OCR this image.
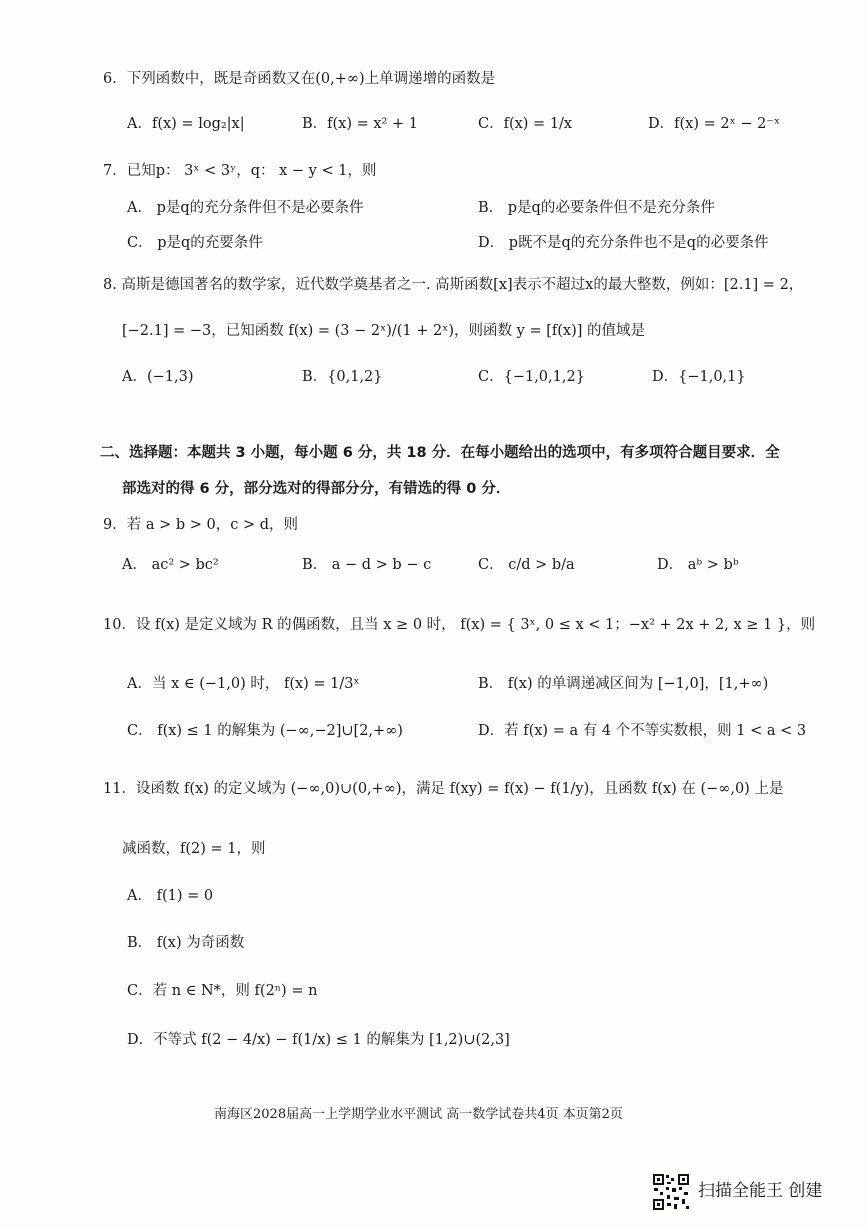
6．下列函数中，既是奇函数又在(0,+∞)上单调递增的函数是
A．f(x) = log₂|x|	B．f(x) = x² + 1	C．f(x) = 1/x	D．f(x) = 2ˣ − 2⁻ˣ
7．已知p： 3ˣ < 3ʸ，q： x − y < 1，则
A． p是q的充分条件但不是必要条件	B． p是q的必要条件但不是充分条件
C． p是q的充要条件	D． p既不是q的充分条件也不是q的必要条件
8. 高斯是德国著名的数学家，近代数学奠基者之一. 高斯函数[x]表示不超过x的最大整数，例如：[2.1] = 2，
[−2.1] = −3，已知函数 f(x) = (3 − 2ˣ)/(1 + 2ˣ)，则函数 y = [f(x)] 的值域是
A．(−1,3)	B．{0,1,2}	C．{−1,0,1,2}	D．{−1,0,1}
二、选择题：本题共 3 小题，每小题 6 分，共 18 分．在每小题给出的选项中，有多项符合题目要求．全
部选对的得 6 分，部分选对的得部分分，有错选的得 0 分．
9．若 a > b > 0，c > d，则
A． ac² > bc²	B． a − d > b − c	C． c/d > b/a	D． aᵇ > bᵇ
10．设 f(x) 是定义域为 R 的偶函数，且当 x ≥ 0 时， f(x) = { 3ˣ, 0 ≤ x < 1；−x² + 2x + 2, x ≥ 1 }，则
A．当 x ∈ (−1,0) 时， f(x) = 1/3ˣ	B． f(x) 的单调递减区间为 [−1,0]，[1,+∞)
C． f(x) ≤ 1 的解集为 (−∞,−2]∪[2,+∞)	D．若 f(x) = a 有 4 个不等实数根，则 1 < a < 3
11．设函数 f(x) 的定义域为 (−∞,0)∪(0,+∞)，满足 f(xy) = f(x) − f(1/y)，且函数 f(x) 在 (−∞,0) 上是
减函数，f(2) = 1，则
A． f(1) = 0
B． f(x) 为奇函数
C．若 n ∈ N*，则 f(2ⁿ) = n
D．不等式 f(2 − 4/x) − f(1/x) ≤ 1 的解集为 [1,2)∪(2,3]
南海区2028届高一上学期学业水平测试 高一数学试卷共4页 本页第2页
扫描全能王 创建
